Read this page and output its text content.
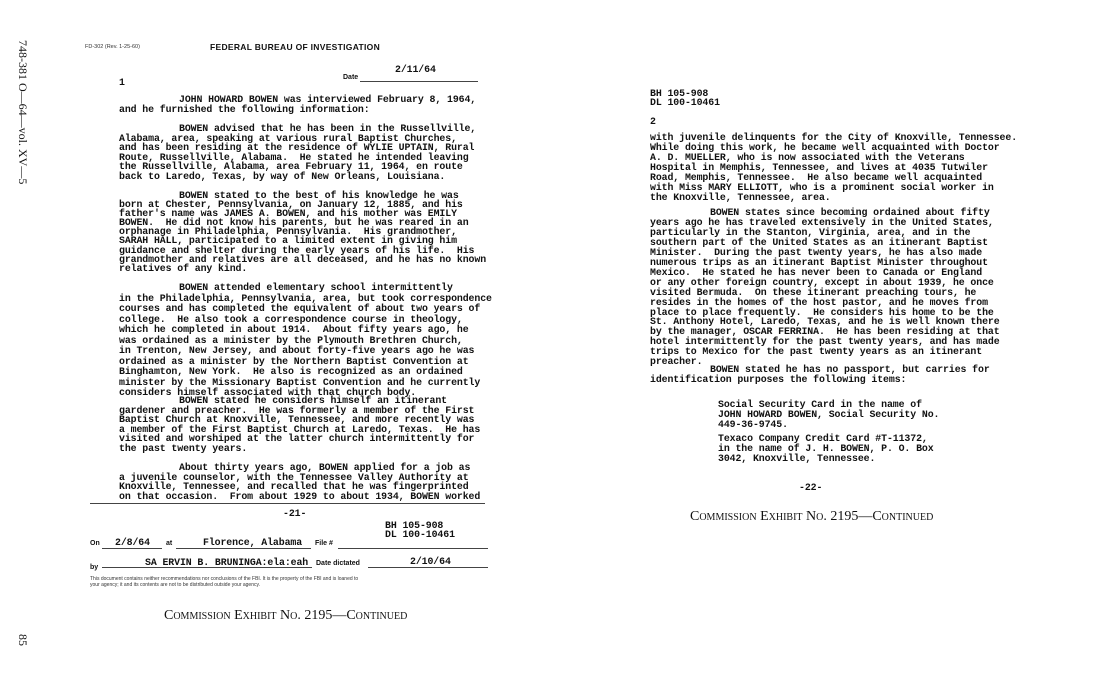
748-381 O—64—vol. XV—5
85
FD-302 (Rev. 1-25-60)	FEDERAL BUREAU OF INVESTIGATION
2/11/64
Date
1
JOHN HOWARD BOWEN was interviewed February 8, 1964,
and he furnished the following information:
BOWEN advised that he has been in the Russellville,
Alabama, area, speaking at various rural Baptist Churches,
and has been residing at the residence of WYLIE UPTAIN, Rural
Route, Russellville, Alabama.  He stated he intended leaving
the Russellville, Alabama, area February 11, 1964, en route
back to Laredo, Texas, by way of New Orleans, Louisiana.
BOWEN stated to the best of his knowledge he was
born at Chester, Pennsylvania, on January 12, 1885, and his
father's name was JAMES A. BOWEN, and his mother was EMILY
BOWEN.  He did not know his parents, but he was reared in an
orphanage in Philadelphia, Pennsylvania.  His grandmother,
SARAH HALL, participated to a limited extent in giving him
guidance and shelter during the early years of his life.  His
grandmother and relatives are all deceased, and he has no known
relatives of any kind.
BOWEN attended elementary school intermittently
in the Philadelphia, Pennsylvania, area, but took correspondence
courses and has completed the equivalent of about two years of
college.  He also took a correspondence course in theology,
which he completed in about 1914.  About fifty years ago, he
was ordained as a minister by the Plymouth Brethren Church,
in Trenton, New Jersey, and about forty-five years ago he was
ordained as a minister by the Northern Baptist Convention at
Binghamton, New York.  He also is recognized as an ordained
minister by the Missionary Baptist Convention and he currently
considers himself associated with that church body.
BOWEN stated he considers himself an itinerant
gardener and preacher.  He was formerly a member of the First
Baptist Church at Knoxville, Tennessee, and more recently was
a member of the First Baptist Church at Laredo, Texas.  He has
visited and worshiped at the latter church intermittently for
the past twenty years.
About thirty years ago, BOWEN applied for a job as
a juvenile counselor, with the Tennessee Valley Authority at
Knoxville, Tennessee, and recalled that he was fingerprinted
on that occasion.  From about 1929 to about 1934, BOWEN worked
-21-
BH 105-908
DL 100-10461
On 2/8/64 at	Florence, Alabama File #
by	SA ERVIN B. BRUNINGA:ela:eah Date dictated	2/10/64
This document contains neither recommendations nor conclusions of the FBI. It is the property of the FBI and is loaned to
your agency; it and its contents are not to be distributed outside your agency.
Commission Exhibit No. 2195—Continued
BH 105-908
DL 100-10461
2
with juvenile delinquents for the City of Knoxville, Tennessee.
While doing this work, he became well acquainted with Doctor
A. D. MUELLER, who is now associated with the Veterans
Hospital in Memphis, Tennessee, and lives at 4035 Tutwiler
Road, Memphis, Tennessee.  He also became well acquainted
with Miss MARY ELLIOTT, who is a prominent social worker in
the Knoxville, Tennessee, area.
BOWEN states since becoming ordained about fifty
years ago he has traveled extensively in the United States,
particularly in the Stanton, Virginia, area, and in the
southern part of the United States as an itinerant Baptist
Minister.  During the past twenty years, he has also made
numerous trips as an itinerant Baptist Minister throughout
Mexico.  He stated he has never been to Canada or England
or any other foreign country, except in about 1939, he once
visited Bermuda.  On these itinerant preaching tours, he
resides in the homes of the host pastor, and he moves from
place to place frequently.  He considers his home to be the
St. Anthony Hotel, Laredo, Texas, and he is well known there
by the manager, OSCAR FERRINA.  He has been residing at that
hotel intermittently for the past twenty years, and has made
trips to Mexico for the past twenty years as an itinerant
preacher.
BOWEN stated he has no passport, but carries for
identification purposes the following items:
Social Security Card in the name of
JOHN HOWARD BOWEN, Social Security No.
449-36-9745.
Texaco Company Credit Card #T-11372,
in the name of J. H. BOWEN, P. O. Box
3042, Knoxville, Tennessee.
-22-
Commission Exhibit No. 2195—Continued
